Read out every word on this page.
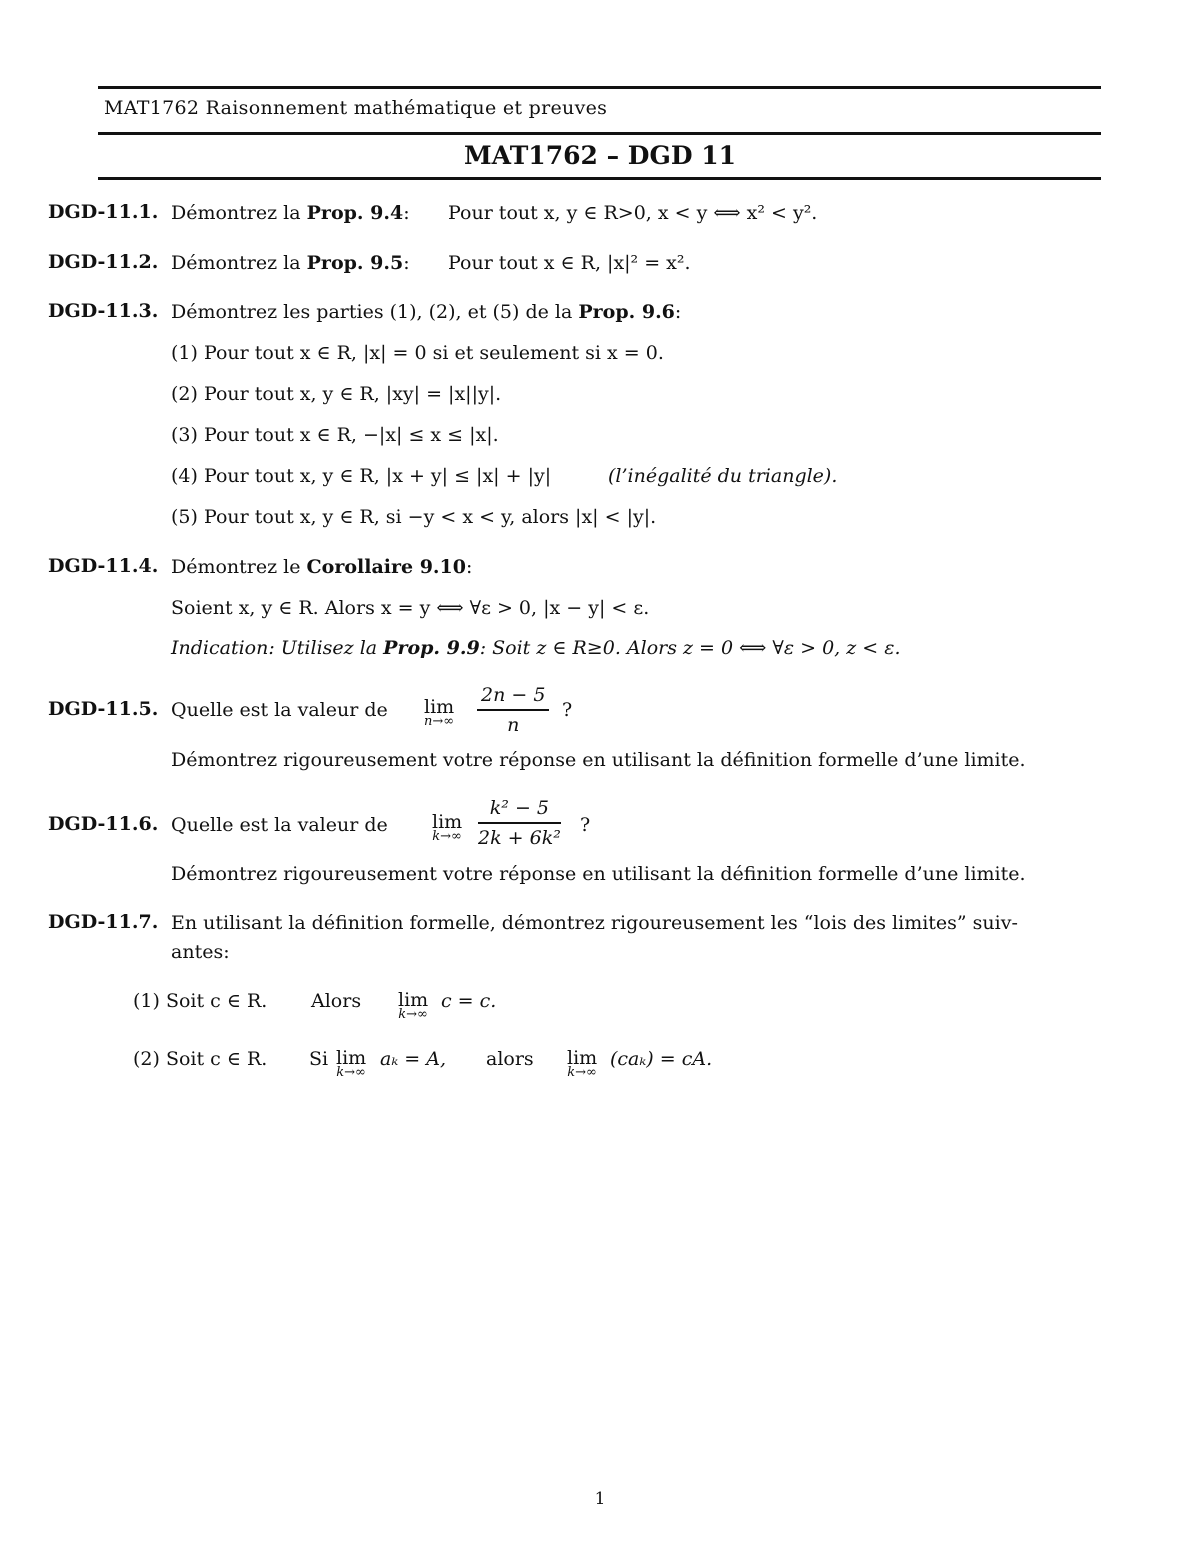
MAT1762 Raisonnement mathématique et preuves
MAT1762 – DGD 11
DGD-11.1. Démontrez la Prop. 9.4: Pour tout x, y ∈ R>0, x < y ⟺ x² < y².
DGD-11.2. Démontrez la Prop. 9.5: Pour tout x ∈ R, |x|² = x².
DGD-11.3. Démontrez les parties (1), (2), et (5) de la Prop. 9.6:
(1) Pour tout x ∈ R, |x| = 0 si et seulement si x = 0.
(2) Pour tout x, y ∈ R, |xy| = |x||y|.
(3) Pour tout x ∈ R, −|x| ≤ x ≤ |x|.
(4) Pour tout x, y ∈ R, |x + y| ≤ |x| + |y|	(l’inégalité du triangle).
(5) Pour tout x, y ∈ R, si −y < x < y, alors |x| < |y|.
DGD-11.4. Démontrez le Corollaire 9.10:
Soient x, y ∈ R. Alors x = y ⟺ ∀ε > 0, |x − y| < ε.
Indication: Utilisez la Prop. 9.9: Soit z ∈ R≥0. Alors z = 0 ⟺ ∀ε > 0, z < ε.
DGD-11.5. Quelle est la valeur de lim
n→∞
2n − 5
n
?
Démontrez rigoureusement votre réponse en utilisant la définition formelle d’une limite.
DGD-11.6. Quelle est la valeur de lim
k→∞
k² − 5
2k + 6k²
?
Démontrez rigoureusement votre réponse en utilisant la définition formelle d’une limite.
DGD-11.7. En utilisant la définition formelle, démontrez rigoureusement les “lois des limites” suiv-
antes:
(1) Soit c ∈ R. Alors lim
k→∞
c = c.
(2) Soit c ∈ R. Si lim
k→∞
aₖ = A, alors lim
k→∞
(caₖ) = cA.
1
